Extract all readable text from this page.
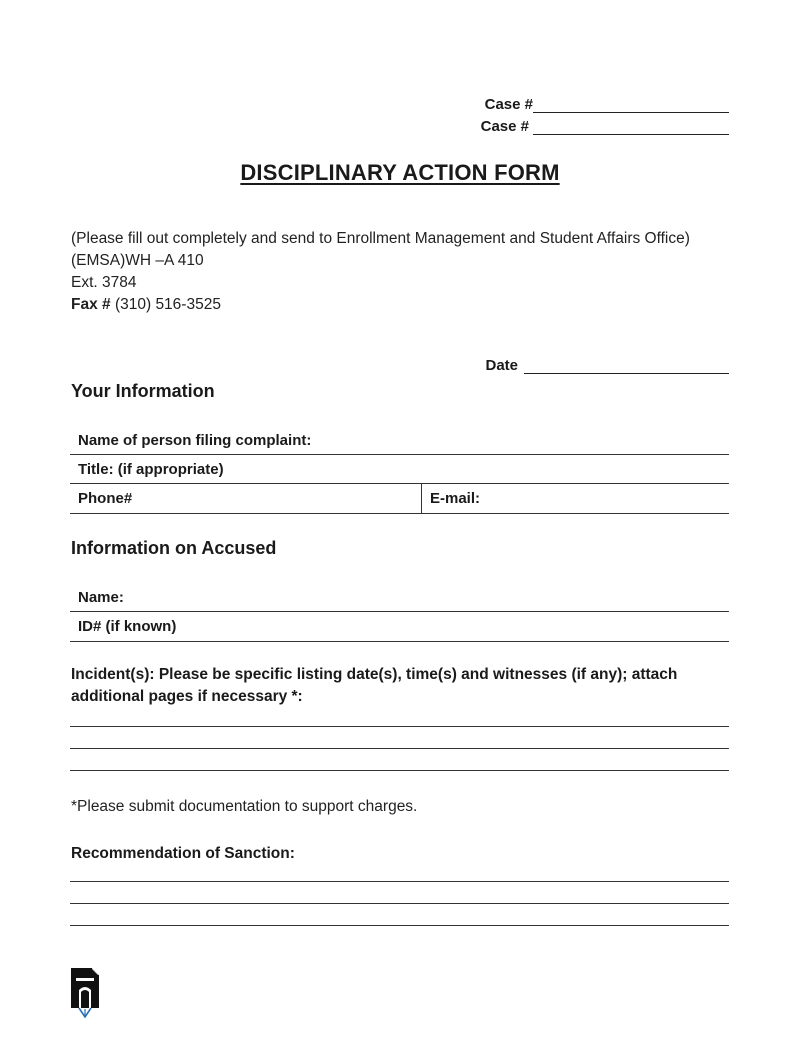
Case #
Case #
DISCIPLINARY ACTION FORM
(Please fill out completely and send to Enrollment Management and Student Affairs Office)
(EMSA)WH –A 410
Ext. 3784
Fax # (310) 516-3525
Date
Your Information
Name of person filing complaint:
Title: (if appropriate)
Phone#	E-mail:
Information on Accused
Name:
ID# (if known)
Incident(s): Please be specific listing date(s), time(s) and witnesses (if any); attach additional pages if necessary *:
*Please submit documentation to support charges.
Recommendation of Sanction:
